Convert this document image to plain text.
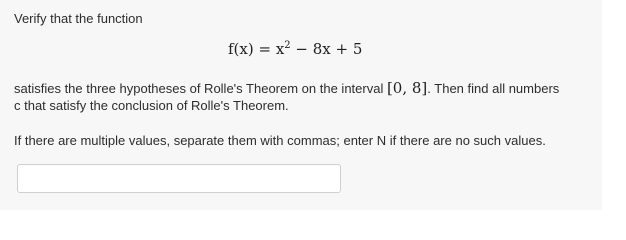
Verify that the function
$f(x) = x^2 - 8x + 5$
satisfies the three hypotheses of Rolle's Theorem on the interval [0, 8]. Then find all numbers
c that satisfy the conclusion of Rolle's Theorem.
If there are multiple values, separate them with commas; enter N if there are no such values.
